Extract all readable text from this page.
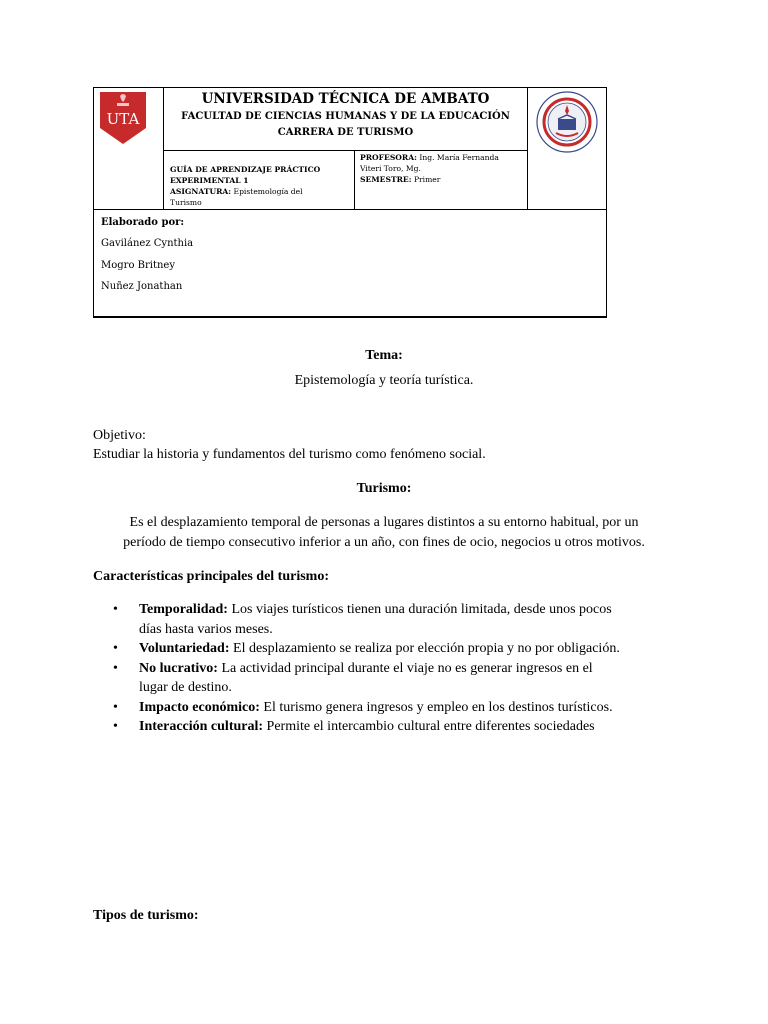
UTA
UNIVERSIDAD TÉCNICA DE AMBATO
FACULTAD DE CIENCIAS HUMANAS Y DE LA EDUCACIÓN
CARRERA DE TURISMO
GUÍA DE APRENDIZAJE PRÁCTICO
EXPERIMENTAL 1
ASIGNATURA: Epistemología del
Turismo
PROFESORA: Ing. María Fernanda
Viteri Toro, Mg.
SEMESTRE: Primer
Elaborado por:
Gavilánez Cynthia
Mogro Britney
Nuñez Jonathan
Tema:
Epistemología y teoría turística.
Objetivo:
Estudiar la historia y fundamentos del turismo como fenómeno social.
Turismo:
Es el desplazamiento temporal de personas a lugares distintos a su entorno habitual, por un
período de tiempo consecutivo inferior a un año, con fines de ocio, negocios u otros motivos.
Características principales del turismo:
• Temporalidad: Los viajes turísticos tienen una duración limitada, desde unos pocos
días hasta varios meses.
• Voluntariedad: El desplazamiento se realiza por elección propia y no por obligación.
• No lucrativo: La actividad principal durante el viaje no es generar ingresos en el
lugar de destino.
• Impacto económico: El turismo genera ingresos y empleo en los destinos turísticos.
• Interacción cultural: Permite el intercambio cultural entre diferentes sociedades
Tipos de turismo:
